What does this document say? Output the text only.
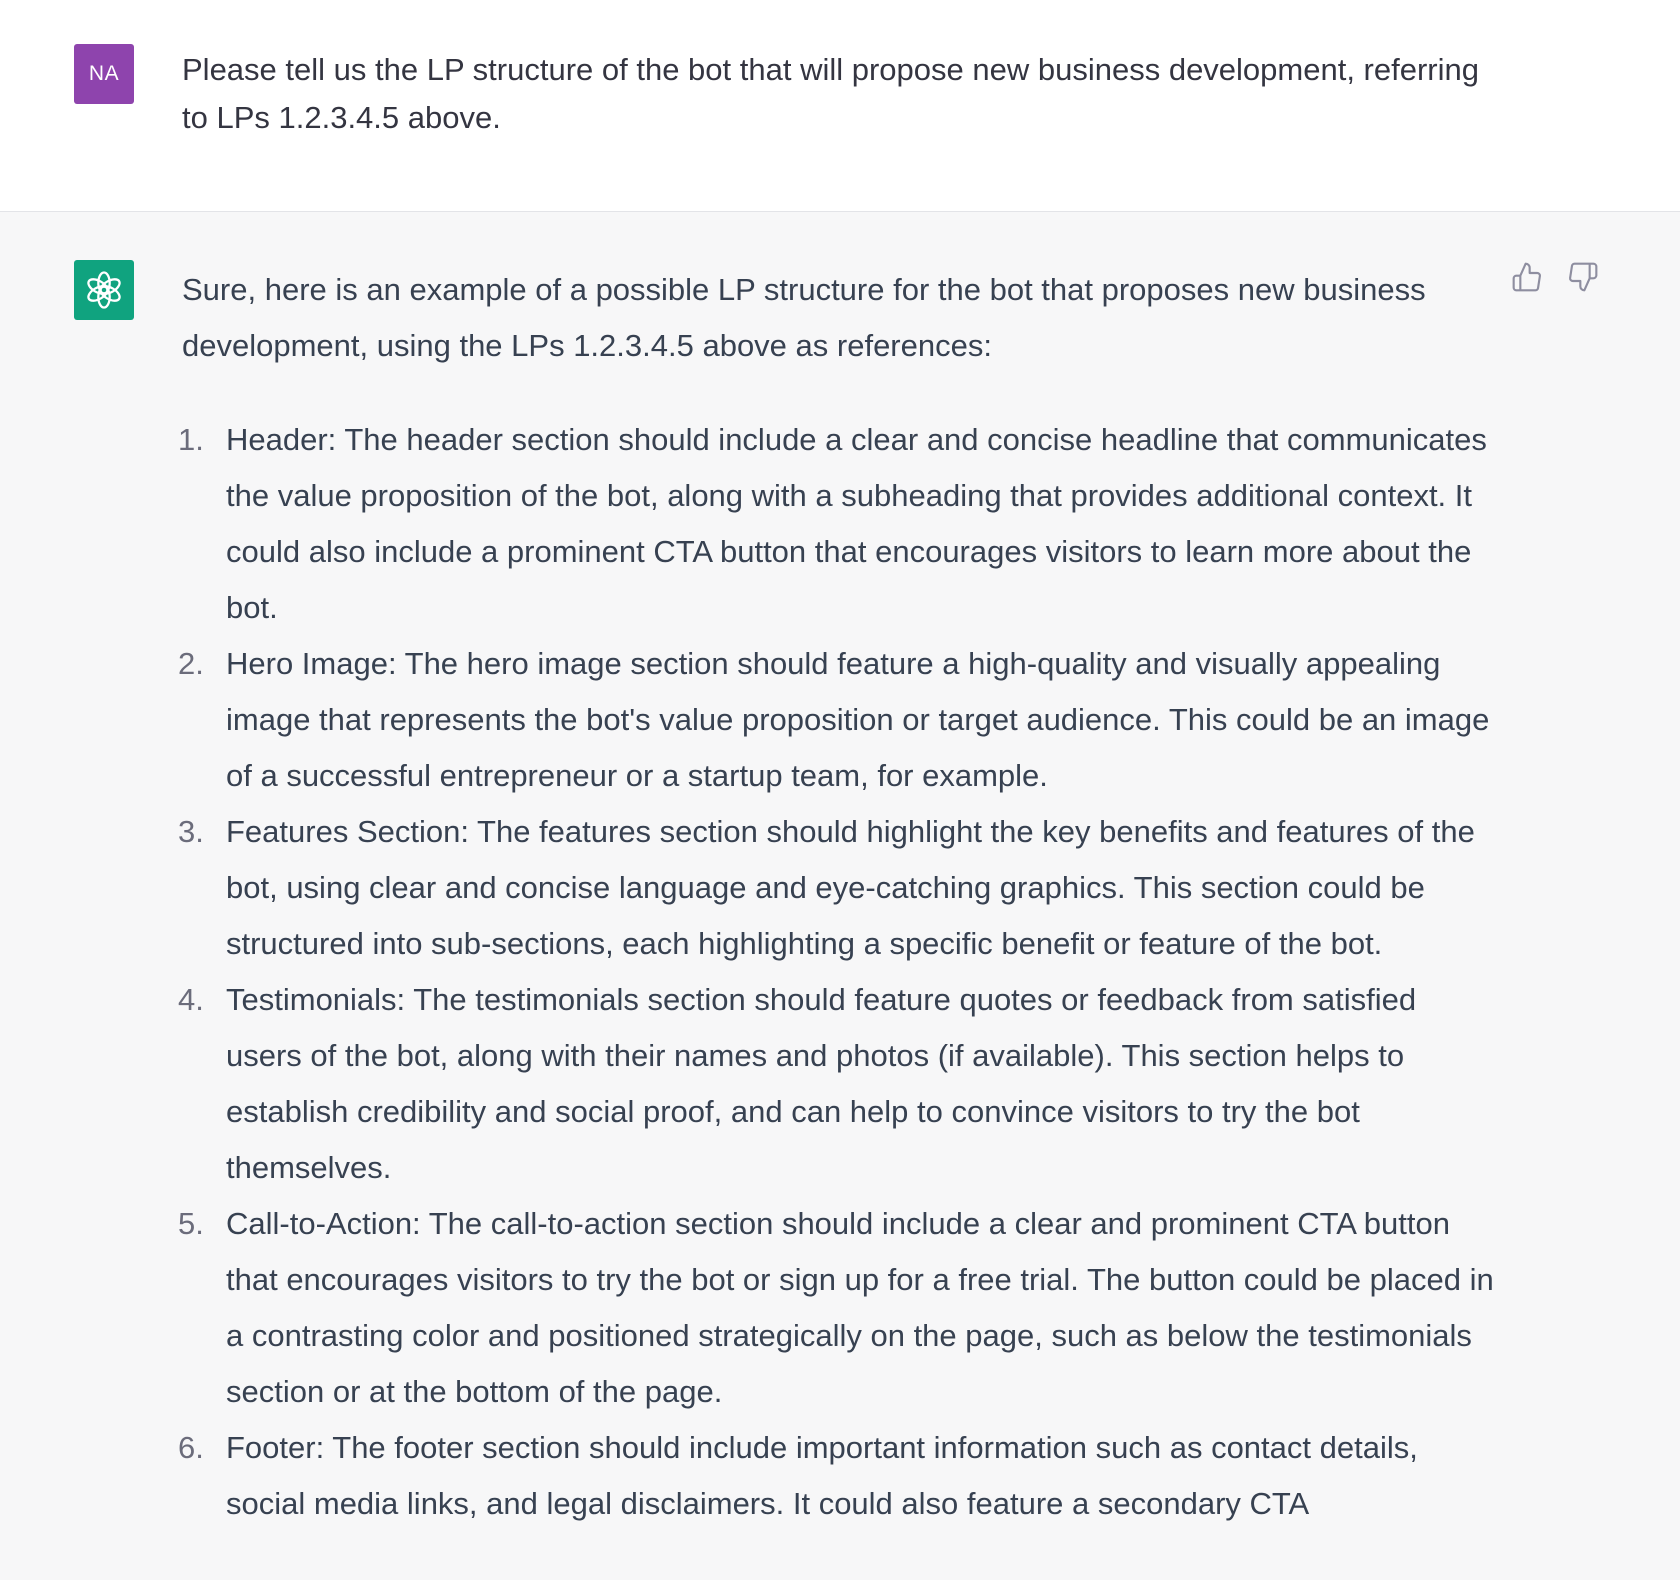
NA	Please tell us the LP structure of the bot that will propose new business development, referring to LPs 1.2.3.4.5 above.

Sure, here is an example of a possible LP structure for the bot that proposes new business development, using the LPs 1.2.3.4.5 above as references:

1. Header: The header section should include a clear and concise headline that communicates the value proposition of the bot, along with a subheading that provides additional context. It could also include a prominent CTA button that encourages visitors to learn more about the bot.
2. Hero Image: The hero image section should feature a high-quality and visually appealing image that represents the bot's value proposition or target audience. This could be an image of a successful entrepreneur or a startup team, for example.
3. Features Section: The features section should highlight the key benefits and features of the bot, using clear and concise language and eye-catching graphics. This section could be structured into sub-sections, each highlighting a specific benefit or feature of the bot.
4. Testimonials: The testimonials section should feature quotes or feedback from satisfied users of the bot, along with their names and photos (if available). This section helps to establish credibility and social proof, and can help to convince visitors to try the bot themselves.
5. Call-to-Action: The call-to-action section should include a clear and prominent CTA button that encourages visitors to try the bot or sign up for a free trial. The button could be placed in a contrasting color and positioned strategically on the page, such as below the testimonials section or at the bottom of the page.
6. Footer: The footer section should include important information such as contact details, social media links, and legal disclaimers. It could also feature a secondary CTA
